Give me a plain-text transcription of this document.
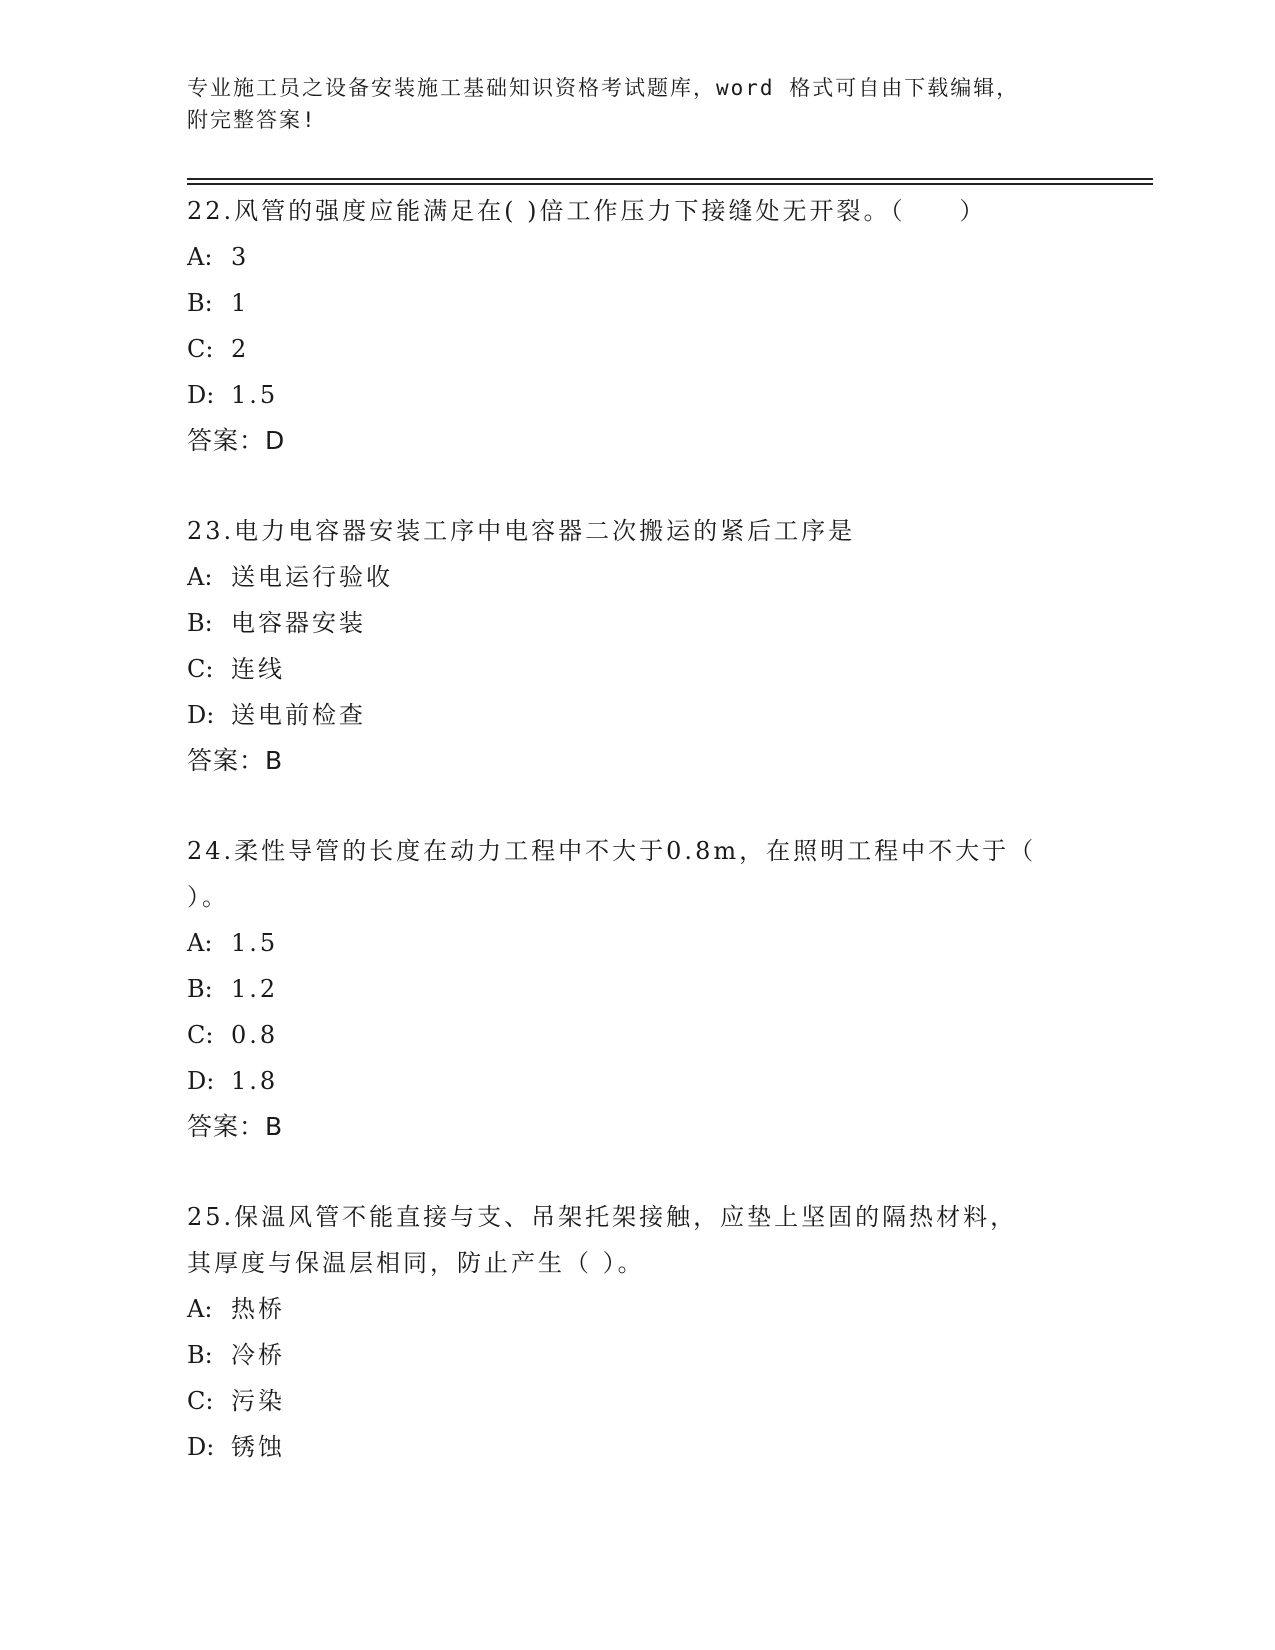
专业施工员之设备安装施工基础知识资格考试题库，word 格式可自由下载编辑，
附完整答案!
22.风管的强度应能满足在( )倍工作压力下接缝处无开裂。（　　）
A: 3
B: 1
C: 2
D: 1.5
答案：D
23.电力电容器安装工序中电容器二次搬运的紧后工序是
A: 送电运行验收
B: 电容器安装
C: 连线
D: 送电前检查
答案：B
24.柔性导管的长度在动力工程中不大于0.8m，在照明工程中不大于（
）。
A: 1.5
B: 1.2
C: 0.8
D: 1.8
答案：B
25.保温风管不能直接与支、吊架托架接触，应垫上坚固的隔热材料，
其厚度与保温层相同，防止产生（ ）。
A: 热桥
B: 冷桥
C: 污染
D: 锈蚀
